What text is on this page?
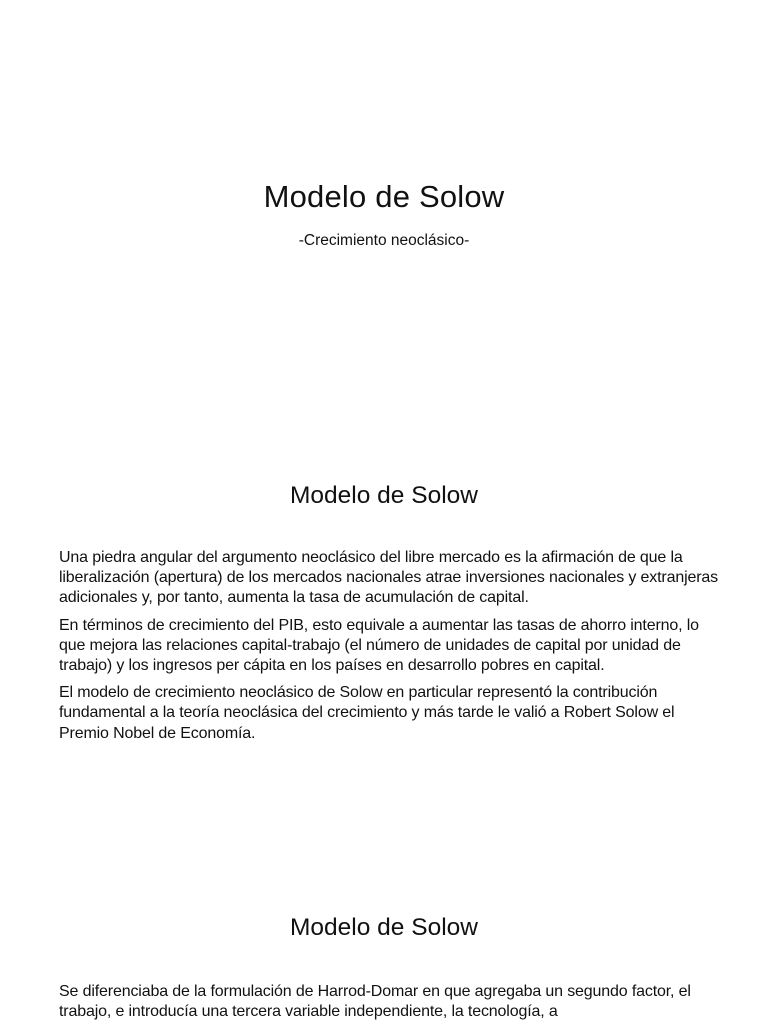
Modelo de Solow

-Crecimiento neoclásico-

Modelo de Solow

Una piedra angular del argumento neoclásico del libre mercado es la afirmación de que la liberalización (apertura) de los mercados nacionales atrae inversiones nacionales y extranjeras adicionales y, por tanto, aumenta la tasa de acumulación de capital.

En términos de crecimiento del PIB, esto equivale a aumentar las tasas de ahorro interno, lo que mejora las relaciones capital-trabajo (el número de unidades de capital por unidad de trabajo) y los ingresos per cápita en los países en desarrollo pobres en capital.

El modelo de crecimiento neoclásico de Solow en particular representó la contribución fundamental a la teoría neoclásica del crecimiento y más tarde le valió a Robert Solow el Premio Nobel de Economía.

Modelo de Solow

Se diferenciaba de la formulación de Harrod-Domar en que agregaba un segundo factor, el trabajo, e introducía una tercera variable independiente, la tecnología, a
